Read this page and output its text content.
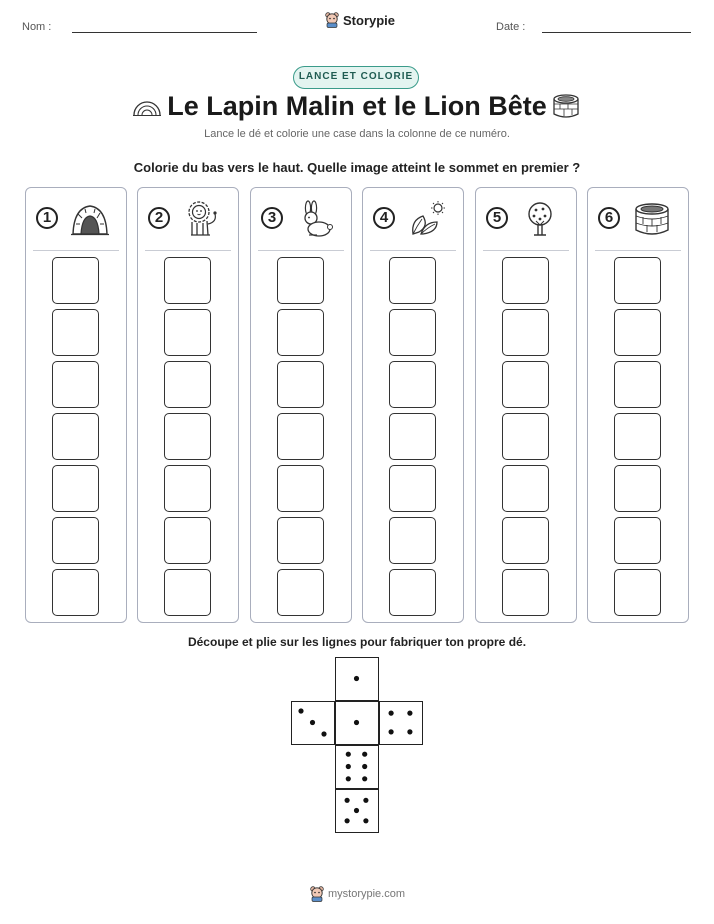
Nom :	Storypie	Date :
LANCE ET COLORIE
Le Lapin Malin et le Lion Bête
Lance le dé et colorie une case dans la colonne de ce numéro.
Colorie du bas vers le haut. Quelle image atteint le sommet en premier ?
1	2	3	4	5	6
Découpe et plie sur les lignes pour fabriquer ton propre dé.
mystorypie.com
